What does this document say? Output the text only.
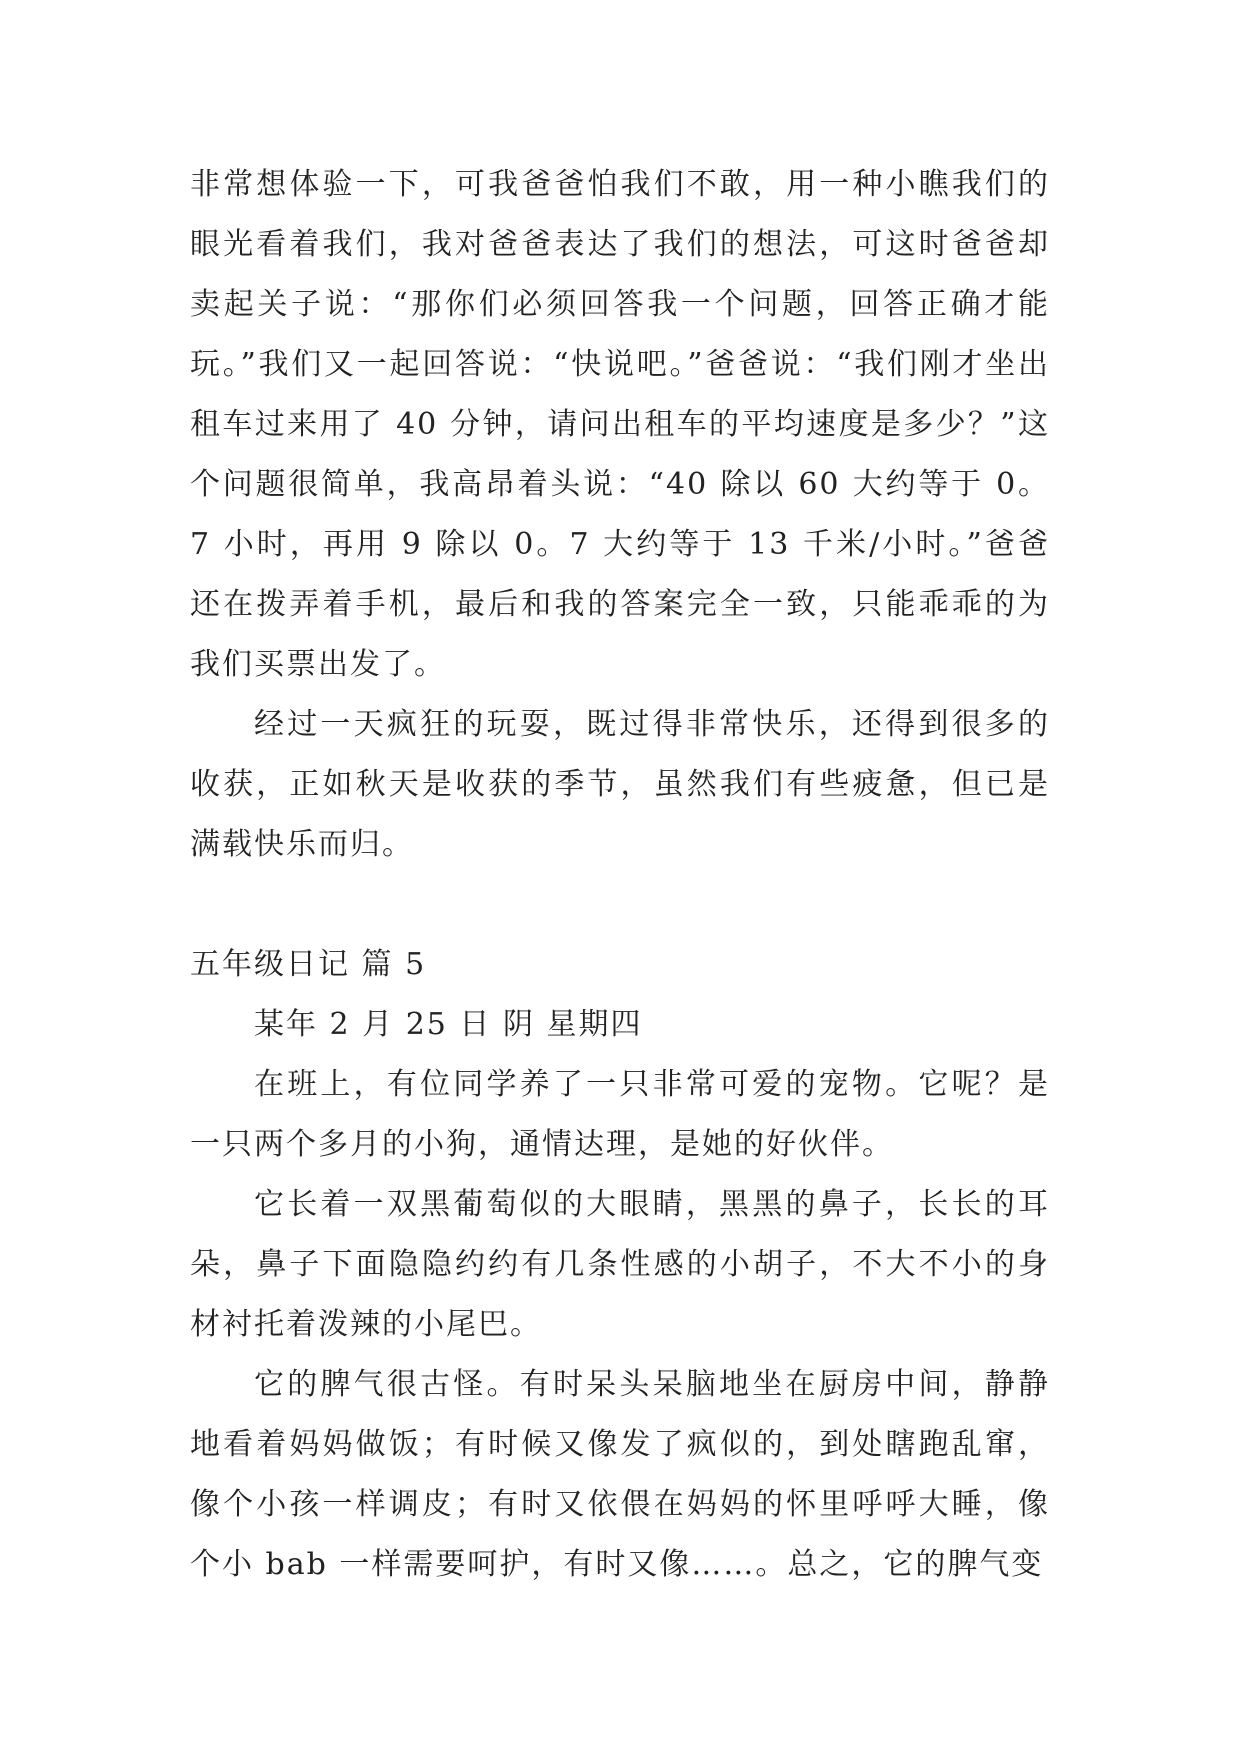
非常想体验一下，可我爸爸怕我们不敢，用一种小瞧我们的眼光看着我们，我对爸爸表达了我们的想法，可这时爸爸却卖起关子说：“那你们必须回答我一个问题，回答正确才能玩。”我们又一起回答说：“快说吧。”爸爸说：“我们刚才坐出租车过来用了 40 分钟，请问出租车的平均速度是多少？”这个问题很简单，我高昂着头说：“40 除以 60 大约等于 0。7 小时，再用 9 除以 0。7 大约等于 13 千米/小时。”爸爸还在拨弄着手机，最后和我的答案完全一致，只能乖乖的为我们买票出发了。

经过一天疯狂的玩耍，既过得非常快乐，还得到很多的收获，正如秋天是收获的季节，虽然我们有些疲惫，但已是满载快乐而归。

五年级日记 篇 5

某年 2 月 25 日 阴 星期四

在班上，有位同学养了一只非常可爱的宠物。它呢？是一只两个多月的小狗，通情达理，是她的好伙伴。

它长着一双黑葡萄似的大眼睛，黑黑的鼻子，长长的耳朵，鼻子下面隐隐约约有几条性感的小胡子，不大不小的身材衬托着泼辣的小尾巴。

它的脾气很古怪。有时呆头呆脑地坐在厨房中间，静静地看着妈妈做饭；有时候又像发了疯似的，到处瞎跑乱窜，像个小孩一样调皮；有时又依偎在妈妈的怀里呼呼大睡，像个小 bab 一样需要呵护，有时又像……。总之，它的脾气变
